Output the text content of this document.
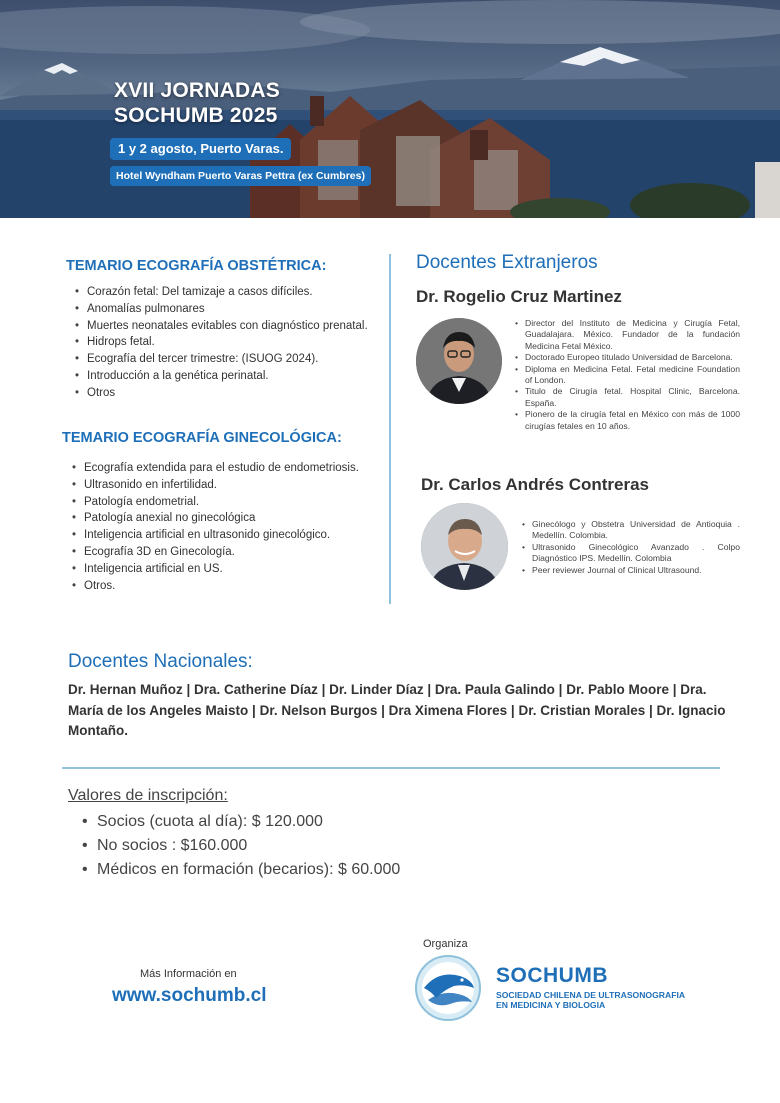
XVII JORNADAS
SOCHUMB 2025
1 y 2 agosto, Puerto Varas.
Hotel Wyndham Puerto Varas Pettra (ex Cumbres)
TEMARIO ECOGRAFÍA OBSTÉTRICA:
• Corazón fetal: Del tamizaje a casos difíciles.
• Anomalías pulmonares
• Muertes neonatales evitables con diagnóstico prenatal.
• Hidrops fetal.
• Ecografía del tercer trimestre: (ISUOG 2024).
• Introducción a la genética perinatal.
• Otros
TEMARIO ECOGRAFÍA GINECOLÓGICA:
• Ecografía extendida para el estudio de endometriosis.
• Ultrasonido en infertilidad.
• Patología endometrial.
• Patología anexial no ginecológica
• Inteligencia artificial en ultrasonido ginecológico.
• Ecografía 3D en Ginecología.
• Inteligencia artificial en US.
• Otros.
Docentes Extranjeros
Dr. Rogelio Cruz Martinez
• Director del Instituto de Medicina y Cirugía Fetal, Guadalajara. México. Fundador de la fundación Medicina Fetal México.
• Doctorado Europeo titulado Universidad de Barcelona.
• Diploma en Medicina Fetal. Fetal medicine Foundation of London.
• Titulo de Cirugía fetal. Hospital Clinic, Barcelona. España.
• Pionero de la cirugía fetal en México con más de 1000 cirugías fetales en 10 años.
Dr. Carlos Andrés Contreras
• Ginecólogo y Obstetra Universidad de Antioquia . Medellín. Colombia.
• Ultrasonido Ginecológico Avanzado . Colpo Diagnóstico IPS. Medellín. Colombia
• Peer reviewer Journal of Clinical Ultrasound.
Docentes Nacionales:
Dr. Hernan Muñoz | Dra. Catherine Díaz | Dr. Linder Díaz | Dra. Paula Galindo | Dr. Pablo Moore | Dra. María de los Angeles Maisto | Dr. Nelson Burgos | Dra Ximena Flores | Dr. Cristian Morales | Dr. Ignacio Montaño.
Valores de inscripción:
• Socios (cuota al día): $ 120.000
• No socios : $160.000
• Médicos en formación (becarios): $ 60.000
Más Información en
www.sochumb.cl
Organiza
SOCHUMB
SOCIEDAD CHILENA DE ULTRASONOGRAFIA
EN MEDICINA Y BIOLOGIA
